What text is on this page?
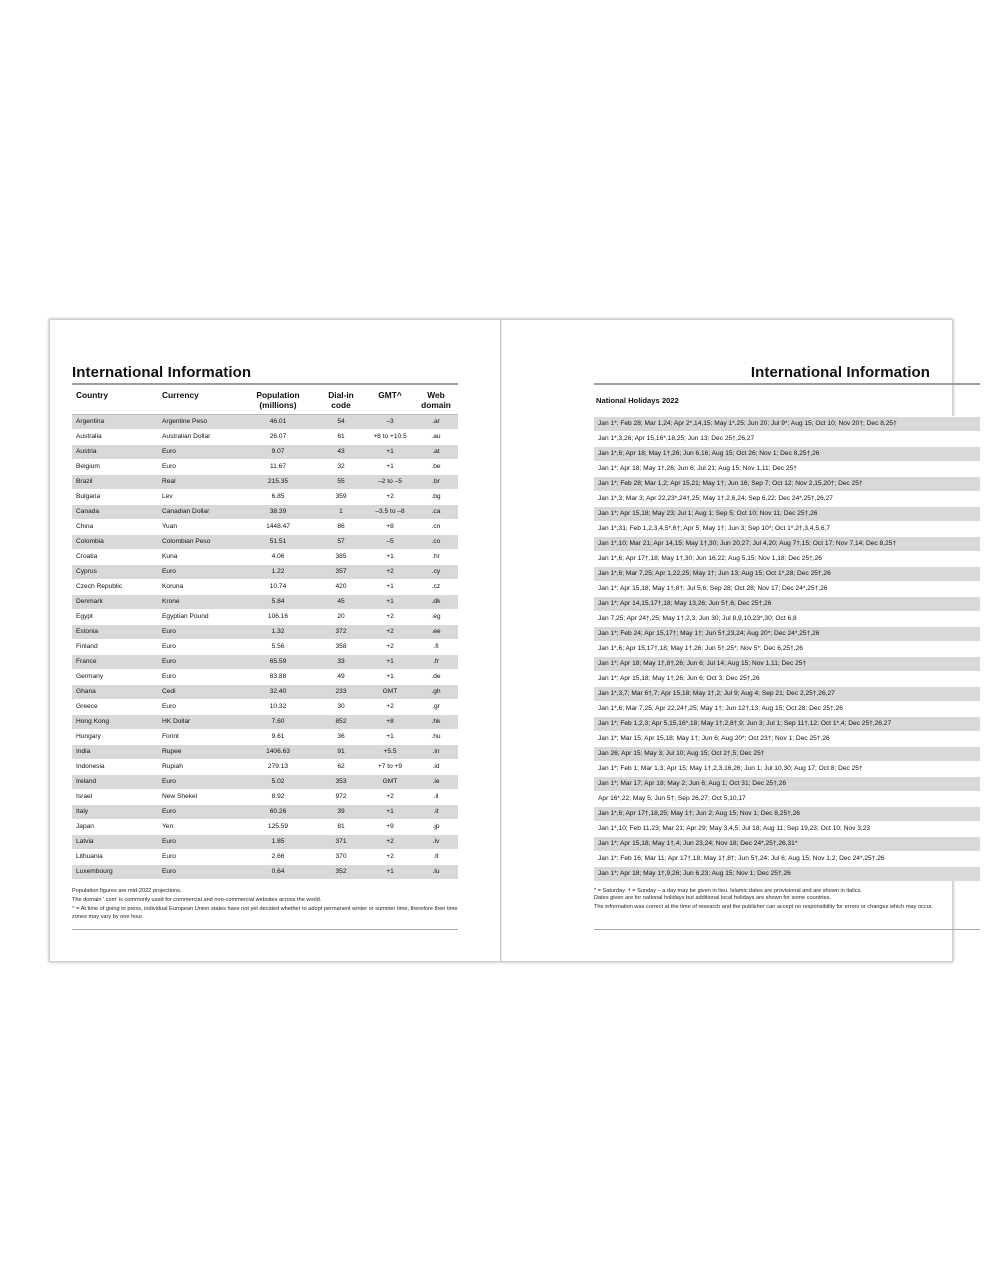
International Information
Country	Currency	Population (millions)	Dial-in code	GMT^	Web domain
Argentina	Argentine Peso	46.01	54	–3	.ar
Australia	Australian Dollar	26.07	61	+8 to +10.5	.au
Austria	Euro	9.07	43	+1	.at
Belgium	Euro	11.67	32	+1	.be
Brazil	Real	215.35	55	–2 to –5	.br
Bulgaria	Lev	6.85	359	+2	.bg
Canada	Canadian Dollar	38.39	1	–3.5 to –8	.ca
China	Yuan	1448.47	86	+8	.cn
Colombia	Colombian Peso	51.51	57	–5	.co
Croatia	Kuna	4.06	385	+1	.hr
Cyprus	Euro	1.22	357	+2	.cy
Czech Republic	Koruna	10.74	420	+1	.cz
Denmark	Krone	5.84	45	+1	.dk
Egypt	Egyptian Pound	106.16	20	+2	.eg
Estonia	Euro	1.32	372	+2	.ee
Finland	Euro	5.56	358	+2	.fi
France	Euro	65.59	33	+1	.fr
Germany	Euro	83.88	49	+1	.de
Ghana	Cedi	32.40	233	GMT	.gh
Greece	Euro	10.32	30	+2	.gr
Hong Kong	HK Dollar	7.60	852	+8	.hk
Hungary	Forint	9.61	36	+1	.hu
India	Rupee	1406.63	91	+5.5	.in
Indonesia	Rupiah	279.13	62	+7 to +9	.id
Ireland	Euro	5.02	353	GMT	.ie
Israel	New Shekel	8.92	972	+2	.il
Italy	Euro	60.26	39	+1	.it
Japan	Yen	125.59	81	+9	.jp
Latvia	Euro	1.85	371	+2	.lv
Lithuania	Euro	2.66	370	+2	.lt
Luxembourg	Euro	0.64	352	+1	.lu

Population figures are mid-2022 projections.

The domain '.com' is commonly used for commercial and non-commercial websites across the world.

^ = At time of going to press, individual European Union states have not yet decided whether to adopt permanent winter or summer time, therefore their time zones may vary by one hour.

International Information
National Holidays 2022
Jan 1*; Feb 28; Mar 1,24; Apr 2*,14,15; May 1*,25; Jun 20; Jul 9*; Aug 15; Oct 10; Nov 20†; Dec 8,25†
Jan 1*,3,26; Apr 15,16*,18,25; Jun 13; Dec 25†,26,27
Jan 1*,6; Apr 18; May 1†,26; Jun 6,16; Aug 15; Oct 26; Nov 1; Dec 8,25†,26
Jan 1*; Apr 18; May 1†,26; Jun 6; Jul 21; Aug 15; Nov 1,11; Dec 25†
Jan 1*; Feb 28; Mar 1,2; Apr 15,21; May 1†; Jun 16; Sep 7; Oct 12; Nov 2,15,20†; Dec 25†
Jan 1*,3; Mar 3; Apr 22,23*,24†,25; May 1†,2,6,24; Sep 6,22; Dec 24*,25†,26,27
Jan 1*; Apr 15,18; May 23; Jul 1; Aug 1; Sep 5; Oct 10; Nov 11; Dec 25†,26
Jan 1*,31; Feb 1,2,3,4,5*,6†; Apr 5; May 1†; Jun 3; Sep 10*; Oct 1*,2†,3,4,5,6,7
Jan 1*,10; Mar 21; Apr 14,15; May 1†,30; Jun 20,27; Jul 4,20; Aug 7†,15; Oct 17; Nov 7,14; Dec 8,25†
Jan 1*,6; Apr 17†,18; May 1†,30; Jun 16,22; Aug 5,15; Nov 1,18; Dec 25†,26
Jan 1*,6; Mar 7,25; Apr 1,22,25; May 1†; Jun 13; Aug 15; Oct 1*,28; Dec 25†,26
Jan 1*; Apr 15,18; May 1†,8†; Jul 5,6; Sep 28; Oct 28; Nov 17; Dec 24*,25†,26
Jan 1*; Apr 14,15,17†,18; May 13,26; Jun 5†,6; Dec 25†,26
Jan 7,25; Apr 24†,25; May 1†,2,3; Jun 30; Jul 8,9,10,23*,30; Oct 6,8
Jan 1*; Feb 24; Apr 15,17†; May 1†; Jun 5†,23,24; Aug 20*; Dec 24*,25†,26
Jan 1*,6; Apr 15,17†,18; May 1†,26; Jun 5†,25*; Nov 5*; Dec 6,25†,26
Jan 1*; Apr 18; May 1†,8†,26; Jun 6; Jul 14; Aug 15; Nov 1,11; Dec 25†
Jan 1*; Apr 15,18; May 1†,26; Jun 6; Oct 3; Dec 25†,26
Jan 1*,3,7; Mar 6†,7; Apr 15,18; May 1†,2; Jul 9; Aug 4; Sep 21; Dec 2,25†,26,27
Jan 1*,6; Mar 7,25; Apr 22,24†,25; May 1†; Jun 12†,13; Aug 15; Oct 28; Dec 25†,26
Jan 1*; Feb 1,2,3; Apr 5,15,16*,18; May 1†,2,8†,9; Jun 3; Jul 1; Sep 11†,12; Oct 1*,4; Dec 25†,26,27
Jan 1*; Mar 15; Apr 15,18; May 1†; Jun 6; Aug 20*; Oct 23†; Nov 1; Dec 25†,26
Jan 26; Apr 15; May 3; Jul 10; Aug 15; Oct 2†,5; Dec 25†
Jan 1*; Feb 1; Mar 1,3; Apr 15; May 1†,2,3,16,26; Jun 1; Jul 10,30; Aug 17; Oct 8; Dec 25†
Jan 1*; Mar 17; Apr 18; May 2; Jun 6; Aug 1; Oct 31; Dec 25†,26
Apr 16*,22; May 5; Jun 5†; Sep 26,27; Oct 5,10,17
Jan 1*,6; Apr 17†,18,25; May 1†; Jun 2; Aug 15; Nov 1; Dec 8,25†,26
Jan 1*,10; Feb 11,23; Mar 21; Apr 29; May 3,4,5; Jul 18; Aug 11; Sep 19,23; Oct 10; Nov 3,23
Jan 1*; Apr 15,18; May 1†,4; Jun 23,24; Nov 18; Dec 24*,25†,26,31*
Jan 1*; Feb 16; Mar 11; Apr 17†,18; May 1†,8†; Jun 5†,24; Jul 6; Aug 15; Nov 1,2; Dec 24*,25†,26
Jan 1*; Apr 18; May 1†,9,26; Jun 6,23; Aug 15; Nov 1; Dec 25†,26

* = Saturday. † = Sunday – a day may be given in lieu. Islamic dates are provisional and are shown in italics.

Dates given are for national holidays but additional local holidays are shown for some countries.

The information was correct at the time of research and the publisher can accept no responsibility for errors or changes which may occur.
